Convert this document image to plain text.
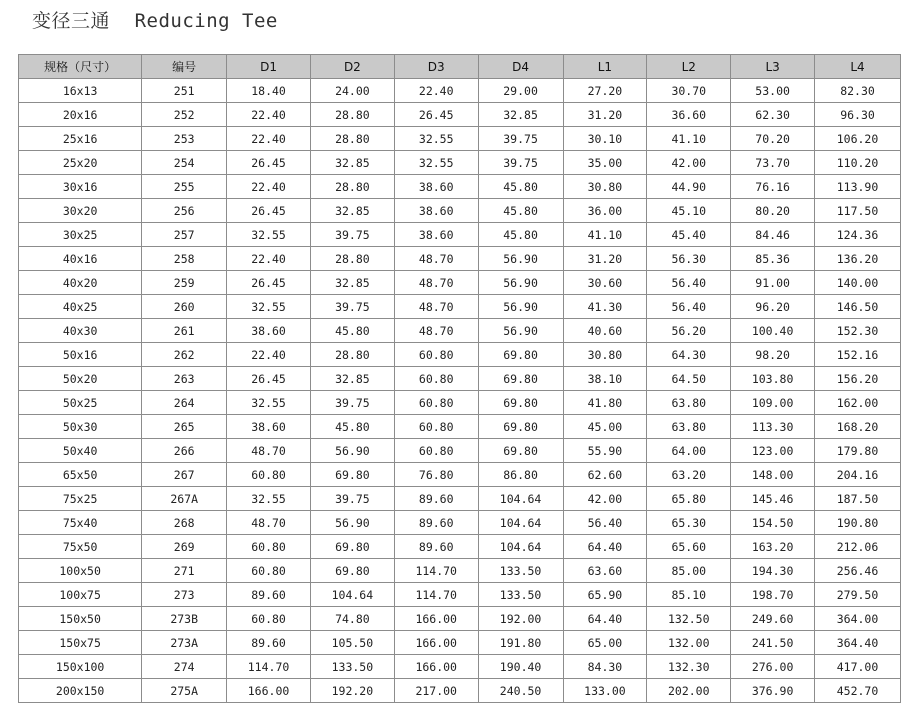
变径三通 Reducing Tee
规格（尺寸）	编号	D1	D2	D3	D4	L1	L2	L3	L4
16x13	251	18.40	24.00	22.40	29.00	27.20	30.70	53.00	82.30
20x16	252	22.40	28.80	26.45	32.85	31.20	36.60	62.30	96.30
25x16	253	22.40	28.80	32.55	39.75	30.10	41.10	70.20	106.20
25x20	254	26.45	32.85	32.55	39.75	35.00	42.00	73.70	110.20
30x16	255	22.40	28.80	38.60	45.80	30.80	44.90	76.16	113.90
30x20	256	26.45	32.85	38.60	45.80	36.00	45.10	80.20	117.50
30x25	257	32.55	39.75	38.60	45.80	41.10	45.40	84.46	124.36
40x16	258	22.40	28.80	48.70	56.90	31.20	56.30	85.36	136.20
40x20	259	26.45	32.85	48.70	56.90	30.60	56.40	91.00	140.00
40x25	260	32.55	39.75	48.70	56.90	41.30	56.40	96.20	146.50
40x30	261	38.60	45.80	48.70	56.90	40.60	56.20	100.40	152.30
50x16	262	22.40	28.80	60.80	69.80	30.80	64.30	98.20	152.16
50x20	263	26.45	32.85	60.80	69.80	38.10	64.50	103.80	156.20
50x25	264	32.55	39.75	60.80	69.80	41.80	63.80	109.00	162.00
50x30	265	38.60	45.80	60.80	69.80	45.00	63.80	113.30	168.20
50x40	266	48.70	56.90	60.80	69.80	55.90	64.00	123.00	179.80
65x50	267	60.80	69.80	76.80	86.80	62.60	63.20	148.00	204.16
75x25	267A	32.55	39.75	89.60	104.64	42.00	65.80	145.46	187.50
75x40	268	48.70	56.90	89.60	104.64	56.40	65.30	154.50	190.80
75x50	269	60.80	69.80	89.60	104.64	64.40	65.60	163.20	212.06
100x50	271	60.80	69.80	114.70	133.50	63.60	85.00	194.30	256.46
100x75	273	89.60	104.64	114.70	133.50	65.90	85.10	198.70	279.50
150x50	273B	60.80	74.80	166.00	192.00	64.40	132.50	249.60	364.00
150x75	273A	89.60	105.50	166.00	191.80	65.00	132.00	241.50	364.40
150x100	274	114.70	133.50	166.00	190.40	84.30	132.30	276.00	417.00
200x150	275A	166.00	192.20	217.00	240.50	133.00	202.00	376.90	452.70
